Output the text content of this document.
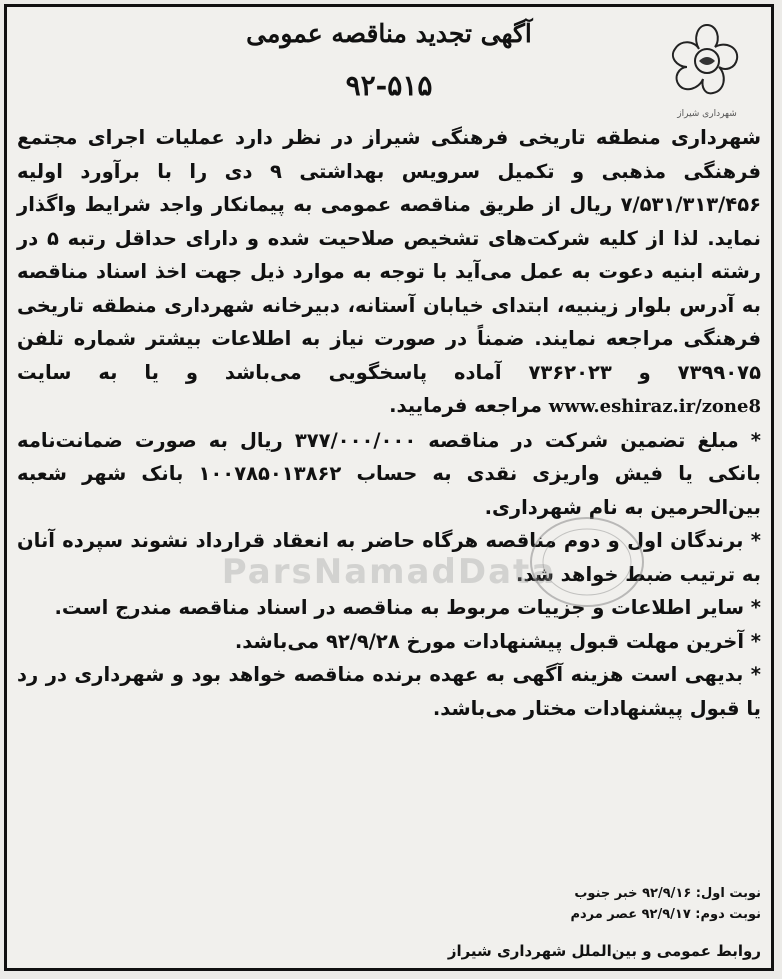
شهرداری شیراز
آگهی تجدید مناقصه عمومی
۹۲-۵۱۵

شهرداری منطقه تاریخی فرهنگی شیراز در نظر دارد عملیات اجرای مجتمع فرهنگی مذهبی و تکمیل سرویس بهداشتی ۹ دی را با برآورد اولیه ۷/۵۳۱/۳۱۳/۴۵۶ ریال از طریق مناقصه عمومی به پیمانکار واجد شرایط واگذار نماید. لذا از کلیه شرکت‌های تشخیص صلاحیت شده و دارای حداقل رتبه ۵ در رشته ابنیه دعوت به عمل می‌آید با توجه به موارد ذیل جهت اخذ اسناد مناقصه به آدرس بلوار زینبیه، ابتدای خیابان آستانه، دبیرخانه شهرداری منطقه تاریخی فرهنگی مراجعه نمایند. ضمناً در صورت نیاز به اطلاعات بیشتر شماره تلفن ۷۳۹۹۰۷۵ و ۷۳۶۲۰۲۳ آماده پاسخگویی می‌باشد و یا به سایت www.eshiraz.ir/zone8 مراجعه فرمایید.

* مبلغ تضمین شرکت در مناقصه ۳۷۷/۰۰۰/۰۰۰ ریال به صورت ضمانت‌نامه بانکی یا فیش واریزی نقدی به حساب ۱۰۰۷۸۵۰۱۳۸۶۲ بانک شهر شعبه بین‌الحرمین به نام شهرداری.

* برندگان اول و دوم مناقصه هرگاه حاضر به انعقاد قرارداد نشوند سپرده آنان به ترتیب ضبط خواهد شد.

* سایر اطلاعات و جزییات مربوط به مناقصه در اسناد مناقصه مندرج است.

* آخرین مهلت قبول پیشنهادات مورخ ۹۲/۹/۲۸ می‌باشد.

* بدیهی است هزینه آگهی به عهده برنده مناقصه خواهد بود و شهرداری در رد یا قبول پیشنهادات مختار می‌باشد.

نوبت اول: ۹۲/۹/۱۶ خبر جنوب
نوبت دوم: ۹۲/۹/۱۷ عصر مردم
روابط عمومی و بین‌الملل شهرداری شیراز
ParsNamadData
